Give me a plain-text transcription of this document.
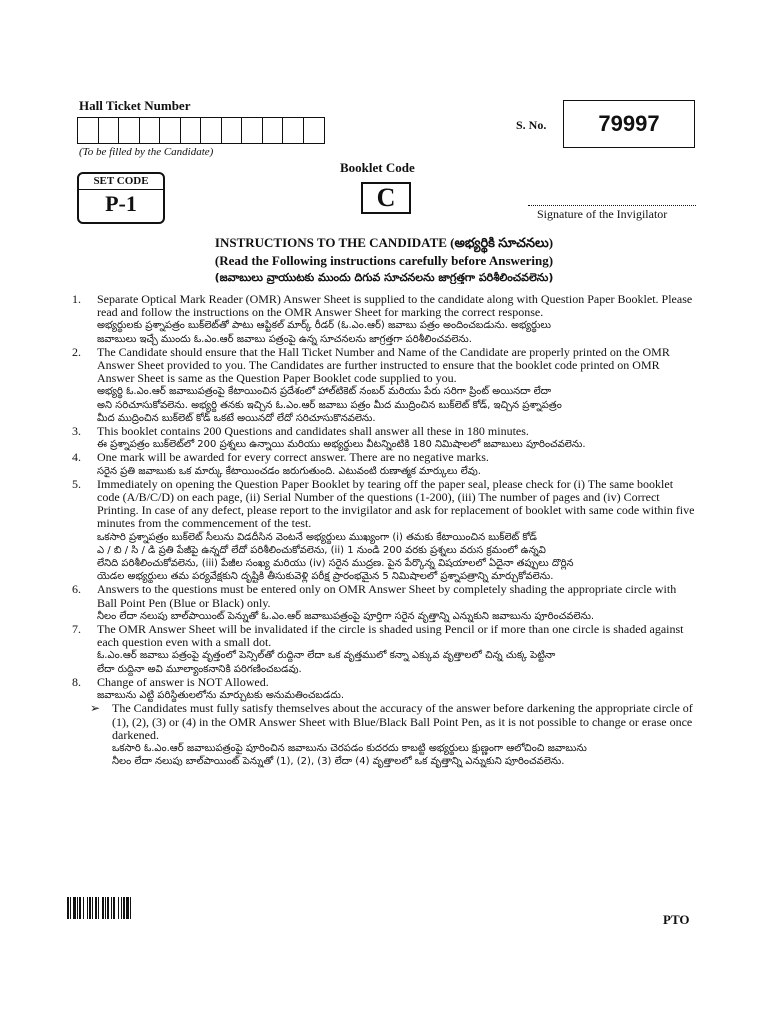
Hall Ticket Number
(To be filled by the Candidate)
S. No.	79997
Booklet Code
C
SET CODE
P-1	Signature of the Invigilator
INSTRUCTIONS TO THE CANDIDATE (అభ్యర్థికి సూచనలు)
(Read the Following instructions carefully before Answering)
(జవాబులు వ్రాయుటకు ముందు దిగువ సూచనలను జాగ్రత్తగా పరిశీలించవలెను)
1.	Separate Optical Mark Reader (OMR) Answer Sheet is supplied to the candidate along with Question Paper Booklet. Please read and follow the instructions on the OMR Answer Sheet for marking the correct response.
అభ్యర్థులకు ప్రశ్నాపత్రం బుక్‌లెట్‌తో పాటు ఆప్టికల్ మార్క్ రీడర్ (ఓ.ఎం.ఆర్) జవాబు పత్రం అందించబడును. అభ్యర్థులు
జవాబులు ఇచ్చే ముందు ఓ.ఎం.ఆర్ జవాబు పత్రంపై ఉన్న సూచనలను జాగ్రత్తగా పరిశీలించవలెను.
2.	The Candidate should ensure that the Hall Ticket Number and Name of the Candidate are properly printed on the OMR Answer Sheet provided to you. The Candidates are further instructed to ensure that the booklet code printed on OMR Answer Sheet is same as the Question Paper Booklet code supplied to you.
అభ్యర్థి ఓ.ఎం.ఆర్ జవాబుపత్రంపై కేటాయించిన ప్రదేశంలో హాల్‌టికెట్ నంబర్ మరియు పేరు సరిగా ప్రింట్ అయినదా లేదా
అని సరిచూసుకోవలెను. అభ్యర్థి తనకు ఇచ్చిన ఓ.ఎం.ఆర్ జవాబు పత్రం మీద ముద్రించిన బుక్‌లెట్ కోడ్, ఇచ్చిన ప్రశ్నాపత్రం
మీద ముద్రించిన బుక్‌లెట్ కోడ్ ఒకటే అయినదో లేదో సరిచూసుకొనవలెను.
3.	This booklet contains 200 Questions and candidates shall answer all these in 180 minutes.
ఈ ప్రశ్నాపత్రం బుక్‌లెట్‌లో 200 ప్రశ్నలు ఉన్నాయి మరియు అభ్యర్థులు వీటన్నింటికి 180 నిమిషాలలో జవాబులు పూరించవలెను.
4.	One mark will be awarded for every correct answer. There are no negative marks.
సరైన ప్రతి జవాబుకు ఒక మార్కు కేటాయించడం జరుగుతుంది. ఎటువంటి రుణాత్మక మార్కులు లేవు.
5.	Immediately on opening the Question Paper Booklet by tearing off the paper seal, please check for (i) The same booklet code (A/B/C/D) on each page, (ii) Serial Number of the questions (1-200), (iii) The number of pages and (iv) Correct Printing. In case of any defect, please report to the invigilator and ask for replacement of booklet with same code within five minutes from the commencement of the test.
ఒకసారి ప్రశ్నాపత్రం బుక్‌లెట్ సీలును విడదీసిన వెంటనే అభ్యర్థులు ముఖ్యంగా (i) తమకు కేటాయించిన బుక్‌లెట్ కోడ్
ఎ / బి / సి / డి ప్రతి పేజీపై ఉన్నదో లేదో పరిశీలించుకోవలెను, (ii) 1 నుండి 200 వరకు ప్రశ్నలు వరుస క్రమంలో ఉన్నవి
లేనిది పరిశీలించుకోవలెను, (iii) పేజీల సంఖ్య మరియు (iv) సరైన ముద్రణ. పైన పేర్కొన్న విషయాలలో ఏదైనా తప్పులు దొర్లిన
యెడల అభ్యర్థులు తమ పర్యవేక్షకుని దృష్టికి తీసుకువెళ్లి పరీక్ష ప్రారంభమైన 5 నిమిషాలలో ప్రశ్నాపత్రాన్ని మార్చుకోవలెను.
6.	Answers to the questions must be entered only on OMR Answer Sheet by completely shading the appropriate circle with Ball Point Pen (Blue or Black) only.
నీలం లేదా నలుపు బాల్‌పాయింట్ పెన్నుతో ఓ.ఎం.ఆర్ జవాబుపత్రంపై పూర్తిగా సరైన వృత్తాన్ని ఎన్నుకుని జవాబును పూరించవలెను.
7.	The OMR Answer Sheet will be invalidated if the circle is shaded using Pencil or if more than one circle is shaded against each question even with a small dot.
ఓ.ఎం.ఆర్ జవాబు పత్రంపై వృత్తంలో పెన్సిల్‌తో రుద్దినా లేదా ఒక వృత్తములో కన్నా ఎక్కువ వృత్తాలలో చిన్న చుక్క పెట్టినా
లేదా రుద్దినా అవి మూల్యాంకనానికి పరిగణించబడవు.
8.	Change of answer is NOT Allowed.
జవాబును ఎట్టి పరిస్థితులలోను మార్చుటకు అనుమతించబడదు.
➢ The Candidates must fully satisfy themselves about the accuracy of the answer before darkening the appropriate circle of (1), (2), (3) or (4) in the OMR Answer Sheet with Blue/Black Ball Point Pen, as it is not possible to change or erase once darkened.
ఒకసారి ఓ.ఎం.ఆర్ జవాబుపత్రంపై పూరించిన జవాబును చెరపడం కుదరదు కాబట్టి అభ్యర్థులు క్షుణ్ణంగా ఆలోచించి జవాబును
నీలం లేదా నలుపు బాల్‌పాయింట్ పెన్నుతో (1), (2), (3) లేదా (4) వృత్తాలలో ఒక వృత్తాన్ని ఎన్నుకుని పూరించవలెను.
PTO
